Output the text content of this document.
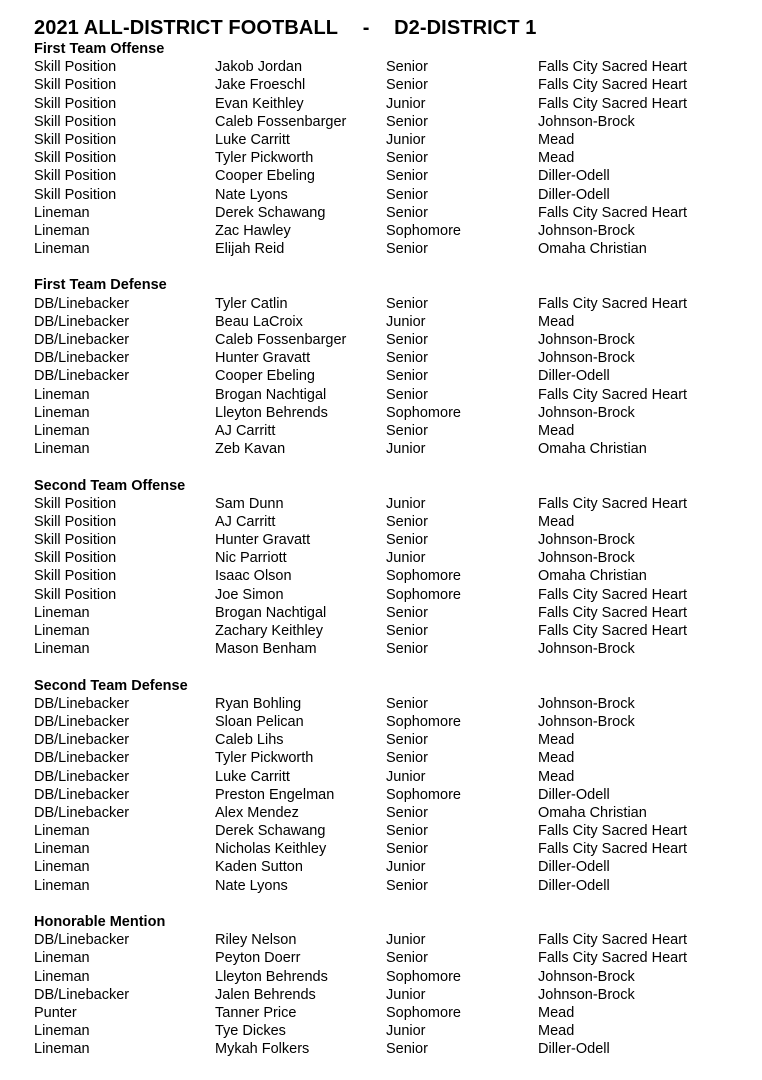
2021 ALL-DISTRICT FOOTBALL - D2-DISTRICT 1
First Team Offense
Skill Position	Jakob Jordan	Senior	Falls City Sacred Heart
Skill Position	Jake Froeschl	Senior	Falls City Sacred Heart
Skill Position	Evan Keithley	Junior	Falls City Sacred Heart
Skill Position	Caleb Fossenbarger	Senior	Johnson-Brock
Skill Position	Luke Carritt	Junior	Mead
Skill Position	Tyler Pickworth	Senior	Mead
Skill Position	Cooper Ebeling	Senior	Diller-Odell
Skill Position	Nate Lyons	Senior	Diller-Odell
Lineman	Derek Schawang	Senior	Falls City Sacred Heart
Lineman	Zac Hawley	Sophomore	Johnson-Brock
Lineman	Elijah Reid	Senior	Omaha Christian
First Team Defense
DB/Linebacker	Tyler Catlin	Senior	Falls City Sacred Heart
DB/Linebacker	Beau LaCroix	Junior	Mead
DB/Linebacker	Caleb Fossenbarger	Senior	Johnson-Brock
DB/Linebacker	Hunter Gravatt	Senior	Johnson-Brock
DB/Linebacker	Cooper Ebeling	Senior	Diller-Odell
Lineman	Brogan Nachtigal	Senior	Falls City Sacred Heart
Lineman	Lleyton Behrends	Sophomore	Johnson-Brock
Lineman	AJ Carritt	Senior	Mead
Lineman	Zeb Kavan	Junior	Omaha Christian
Second Team Offense
Skill Position	Sam Dunn	Junior	Falls City Sacred Heart
Skill Position	AJ Carritt	Senior	Mead
Skill Position	Hunter Gravatt	Senior	Johnson-Brock
Skill Position	Nic Parriott	Junior	Johnson-Brock
Skill Position	Isaac Olson	Sophomore	Omaha Christian
Skill Position	Joe Simon	Sophomore	Falls City Sacred Heart
Lineman	Brogan Nachtigal	Senior	Falls City Sacred Heart
Lineman	Zachary Keithley	Senior	Falls City Sacred Heart
Lineman	Mason Benham	Senior	Johnson-Brock
Second Team Defense
DB/Linebacker	Ryan Bohling	Senior	Johnson-Brock
DB/Linebacker	Sloan Pelican	Sophomore	Johnson-Brock
DB/Linebacker	Caleb Lihs	Senior	Mead
DB/Linebacker	Tyler Pickworth	Senior	Mead
DB/Linebacker	Luke Carritt	Junior	Mead
DB/Linebacker	Preston Engelman	Sophomore	Diller-Odell
DB/Linebacker	Alex Mendez	Senior	Omaha Christian
Lineman	Derek Schawang	Senior	Falls City Sacred Heart
Lineman	Nicholas Keithley	Senior	Falls City Sacred Heart
Lineman	Kaden Sutton	Junior	Diller-Odell
Lineman	Nate Lyons	Senior	Diller-Odell
Honorable Mention
DB/Linebacker	Riley Nelson	Junior	Falls City Sacred Heart
Lineman	Peyton Doerr	Senior	Falls City Sacred Heart
Lineman	Lleyton Behrends	Sophomore	Johnson-Brock
DB/Linebacker	Jalen Behrends	Junior	Johnson-Brock
Punter	Tanner Price	Sophomore	Mead
Lineman	Tye Dickes	Junior	Mead
Lineman	Mykah Folkers	Senior	Diller-Odell
